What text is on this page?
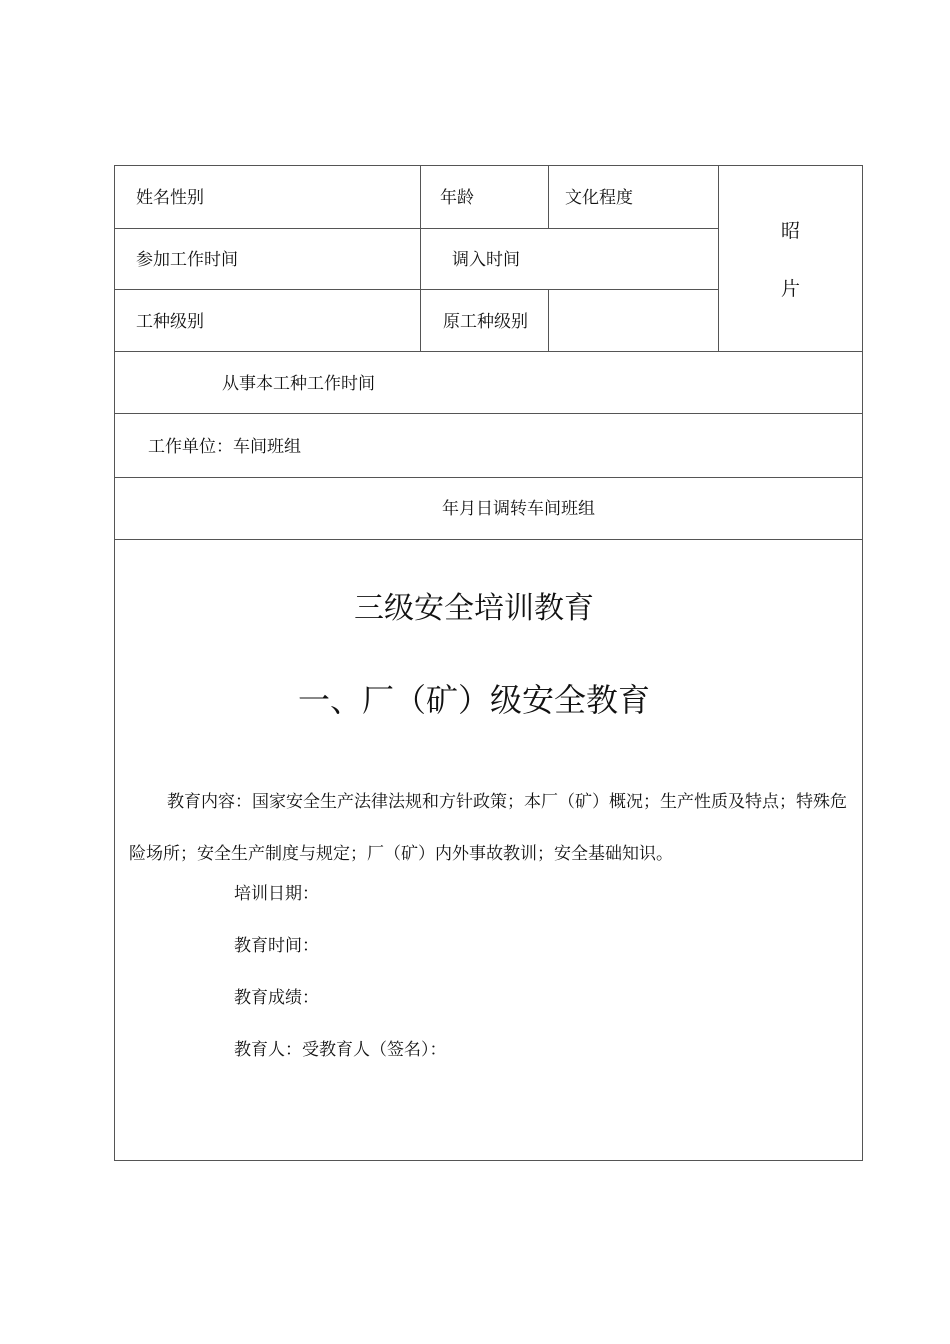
姓名性别	年龄	文化程度
参加工作时间	调入时间
工种级别	原工种级别
昭
片
从事本工种工作时间
工作单位：车间班组
年月日调转车间班组
三级安全培训教育
一、厂（矿）级安全教育

教育内容：国家安全生产法律法规和方针政策；本厂（矿）概况；生产性质及特点；特殊危险场所；安全生产制度与规定；厂（矿）内外事故教训；安全基础知识。

培训日期：
教育时间：
教育成绩：
教育人：受教育人（签名）：
